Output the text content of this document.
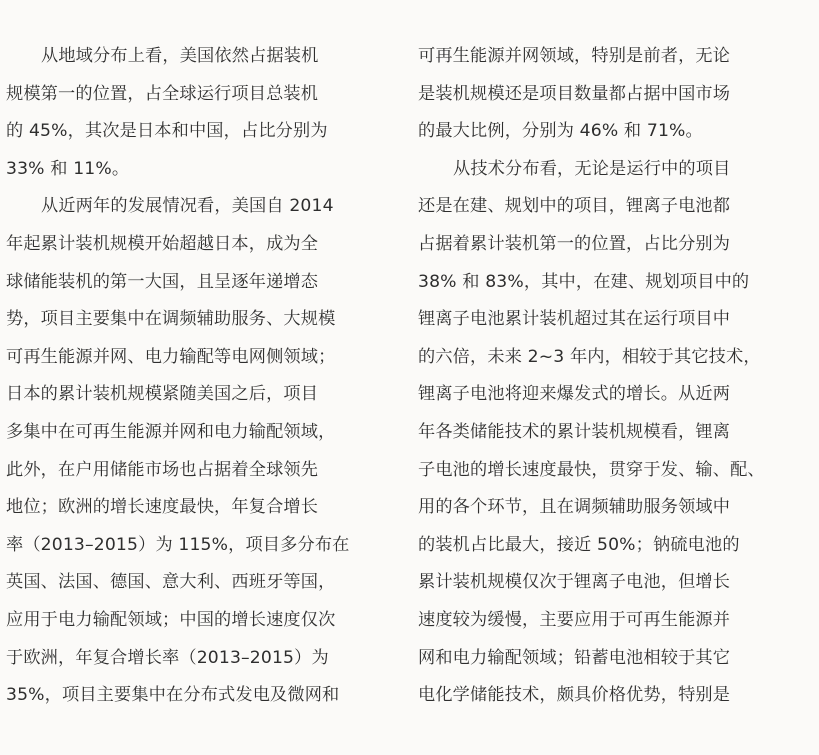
从地域分布上看，美国依然占据装机
规模第一的位置，占全球运行项目总装机
的 45%，其次是日本和中国，占比分别为
33% 和 11%。
从近两年的发展情况看，美国自 2014
年起累计装机规模开始超越日本，成为全
球储能装机的第一大国，且呈逐年递增态
势，项目主要集中在调频辅助服务、大规模
可再生能源并网、电力输配等电网侧领域；
日本的累计装机规模紧随美国之后，项目
多集中在可再生能源并网和电力输配领域，
此外，在户用储能市场也占据着全球领先
地位；欧洲的增长速度最快，年复合增长
率（2013–2015）为 115%，项目多分布在
英国、法国、德国、意大利、西班牙等国，
应用于电力输配领域；中国的增长速度仅次
于欧洲，年复合增长率（2013–2015）为
35%，项目主要集中在分布式发电及微网和
可再生能源并网领域，特别是前者，无论
是装机规模还是项目数量都占据中国市场
的最大比例，分别为 46% 和 71%。
从技术分布看，无论是运行中的项目
还是在建、规划中的项目，锂离子电池都
占据着累计装机第一的位置，占比分别为
38% 和 83%，其中，在建、规划项目中的
锂离子电池累计装机超过其在运行项目中
的六倍，未来 2~3 年内，相较于其它技术，
锂离子电池将迎来爆发式的增长。从近两
年各类储能技术的累计装机规模看，锂离
子电池的增长速度最快，贯穿于发、输、配、
用的各个环节，且在调频辅助服务领域中
的装机占比最大，接近 50%；钠硫电池的
累计装机规模仅次于锂离子电池，但增长
速度较为缓慢，主要应用于可再生能源并
网和电力输配领域；铅蓄电池相较于其它
电化学储能技术，颇具价格优势，特别是
